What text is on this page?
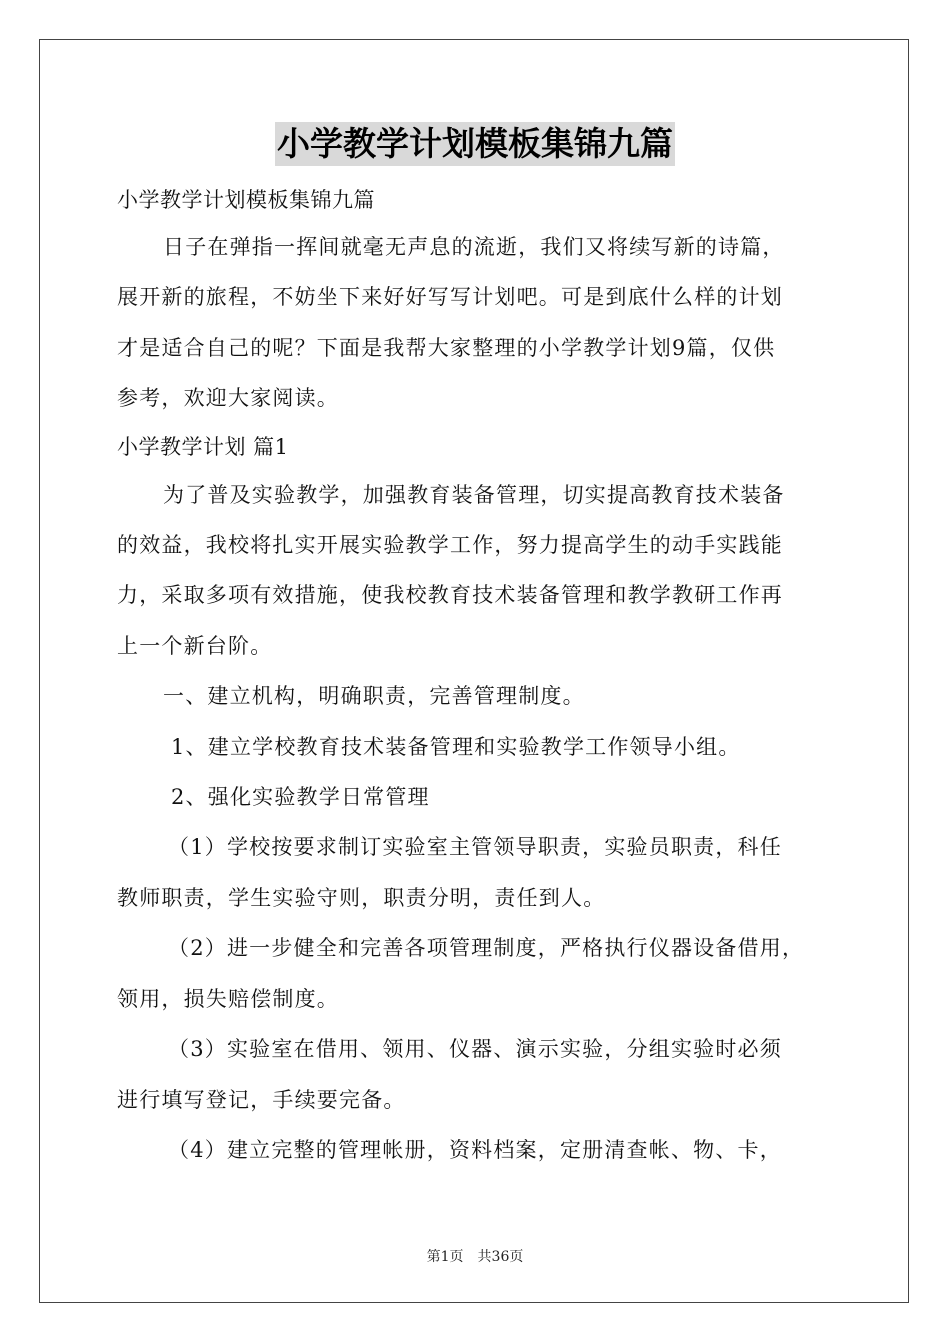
小学教学计划模板集锦九篇
小学教学计划模板集锦九篇
日子在弹指一挥间就毫无声息的流逝，我们又将续写新的诗篇，
展开新的旅程，不妨坐下来好好写写计划吧。可是到底什么样的计划
才是适合自己的呢？下面是我帮大家整理的小学教学计划9篇，仅供
参考，欢迎大家阅读。
小学教学计划 篇1
为了普及实验教学，加强教育装备管理，切实提高教育技术装备
的效益，我校将扎实开展实验教学工作，努力提高学生的动手实践能
力，采取多项有效措施，使我校教育技术装备管理和教学教研工作再
上一个新台阶。
一、建立机构，明确职责，完善管理制度。
1、建立学校教育技术装备管理和实验教学工作领导小组。
2、强化实验教学日常管理
（1）学校按要求制订实验室主管领导职责，实验员职责，科任
教师职责，学生实验守则，职责分明，责任到人。
（2）进一步健全和完善各项管理制度，严格执行仪器设备借用，
领用，损失赔偿制度。
（3）实验室在借用、领用、仪器、演示实验，分组实验时必须
进行填写登记，手续要完备。
（4）建立完整的管理帐册，资料档案，定册清查帐、物、卡，
第1页　共36页
